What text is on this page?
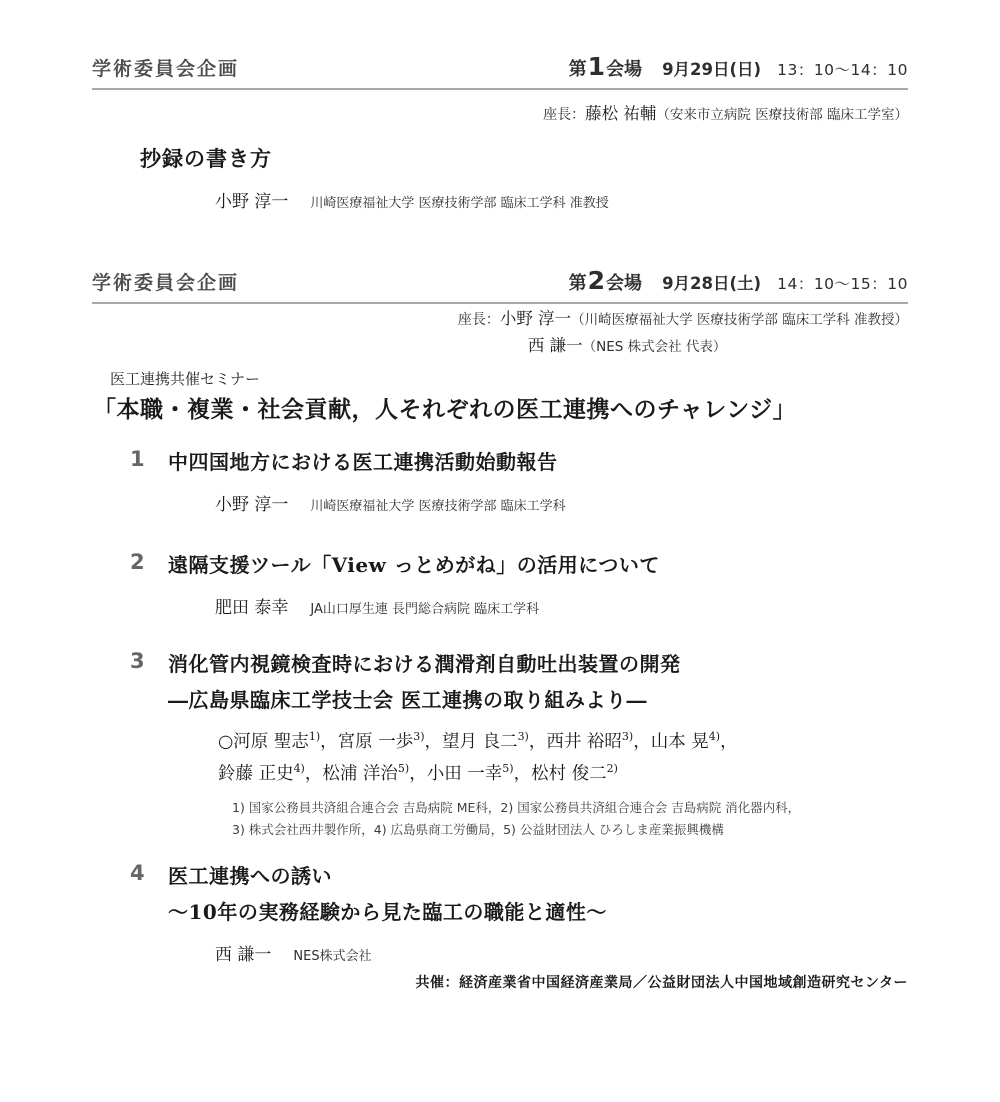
学術委員会企画	第 1 会場 9月29日(日) 13：10～14：10
座長：藤松 祐輔（安来市立病院 医療技術部 臨床工学室）
抄録の書き方
小野 淳一 川崎医療福祉大学 医療技術学部 臨床工学科 准教授
学術委員会企画	第 2 会場 9月28日(土) 14：10～15：10
座長：小野 淳一（川崎医療福祉大学 医療技術学部 臨床工学科 准教授）
西 謙一（NES 株式会社 代表）
医工連携共催セミナー
「本職・複業・社会貢献，人それぞれの医工連携へのチャレンジ」
1	中四国地方における医工連携活動始動報告
小野 淳一 川崎医療福祉大学 医療技術学部 臨床工学科
2	遠隔支援ツール「View っとめがね」の活用について
肥田 泰幸 JA山口厚生連 長門総合病院 臨床工学科
3	消化管内視鏡検査時における潤滑剤自動吐出装置の開発
―広島県臨床工学技士会 医工連携の取り組みより―
○河原 聖志$^{1)}$，宮原 一歩$^{3)}$，望月 良二$^{3)}$，西井 裕昭$^{3)}$，山本 晃$^{4)}$，
鈴藤 正史$^{4)}$，松浦 洋治$^{5)}$，小田 一幸$^{5)}$，松村 俊二$^{2)}$
1) 国家公務員共済組合連合会 吉島病院 ME科，2) 国家公務員共済組合連合会 吉島病院 消化器内科，
3) 株式会社西井製作所，4) 広島県商工労働局，5) 公益財団法人 ひろしま産業振興機構
4	医工連携への誘い
～10年の実務経験から見た臨工の職能と適性～
西 謙一 NES株式会社
共催：経済産業省中国経済産業局／公益財団法人中国地域創造研究センター
